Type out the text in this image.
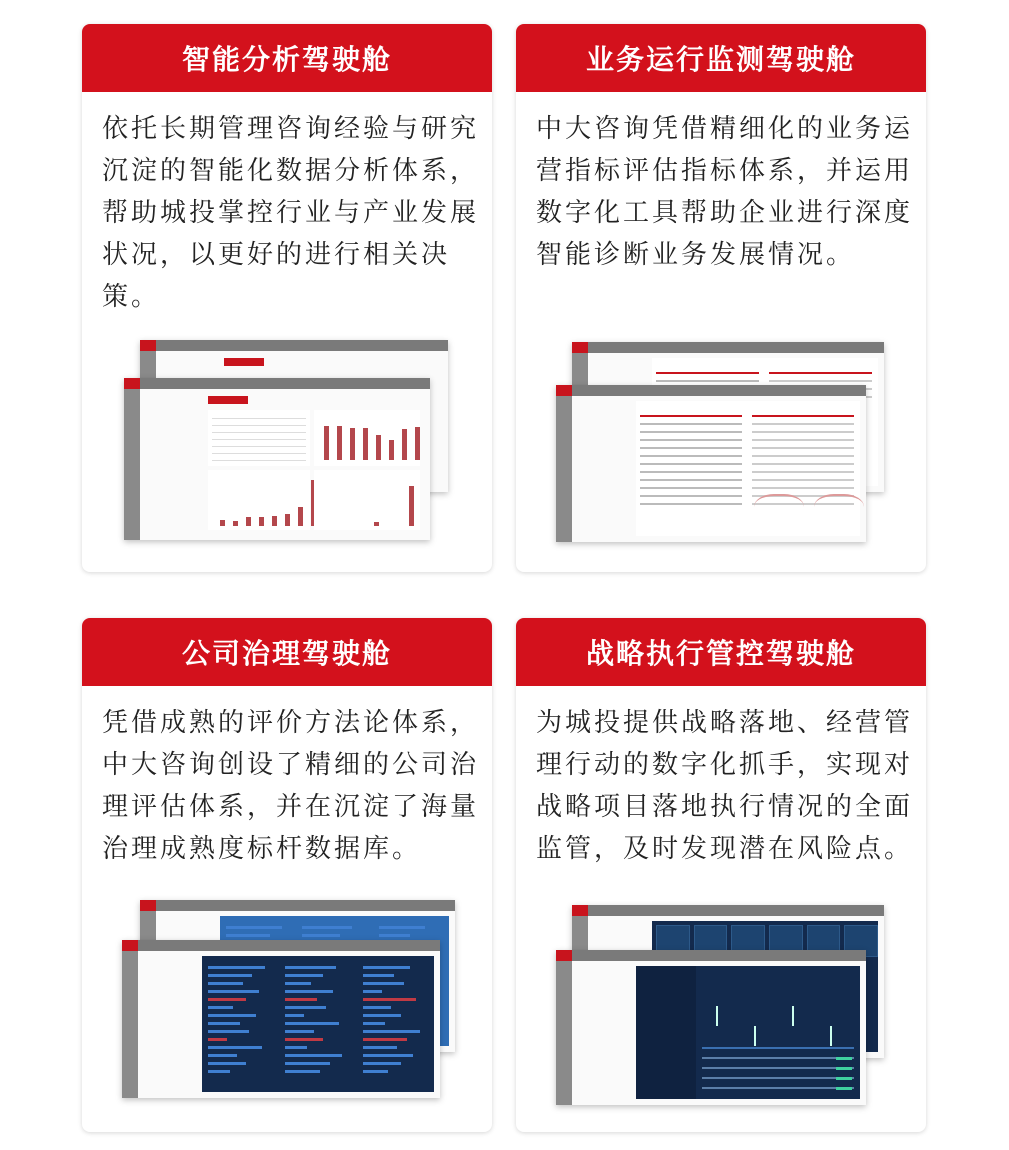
智能分析驾驶舱
依托长期管理咨询经验与研究
沉淀的智能化数据分析体系，
帮助城投掌控行业与产业发展
状况，以更好的进行相关决
策。
业务运行监测驾驶舱
中大咨询凭借精细化的业务运
营指标评估指标体系，并运用
数字化工具帮助企业进行深度
智能诊断业务发展情况。
公司治理驾驶舱
凭借成熟的评价方法论体系，
中大咨询创设了精细的公司治
理评估体系，并在沉淀了海量
治理成熟度标杆数据库。
战略执行管控驾驶舱
为城投提供战略落地、经营管
理行动的数字化抓手，实现对
战略项目落地执行情况的全面
监管，及时发现潜在风险点。
